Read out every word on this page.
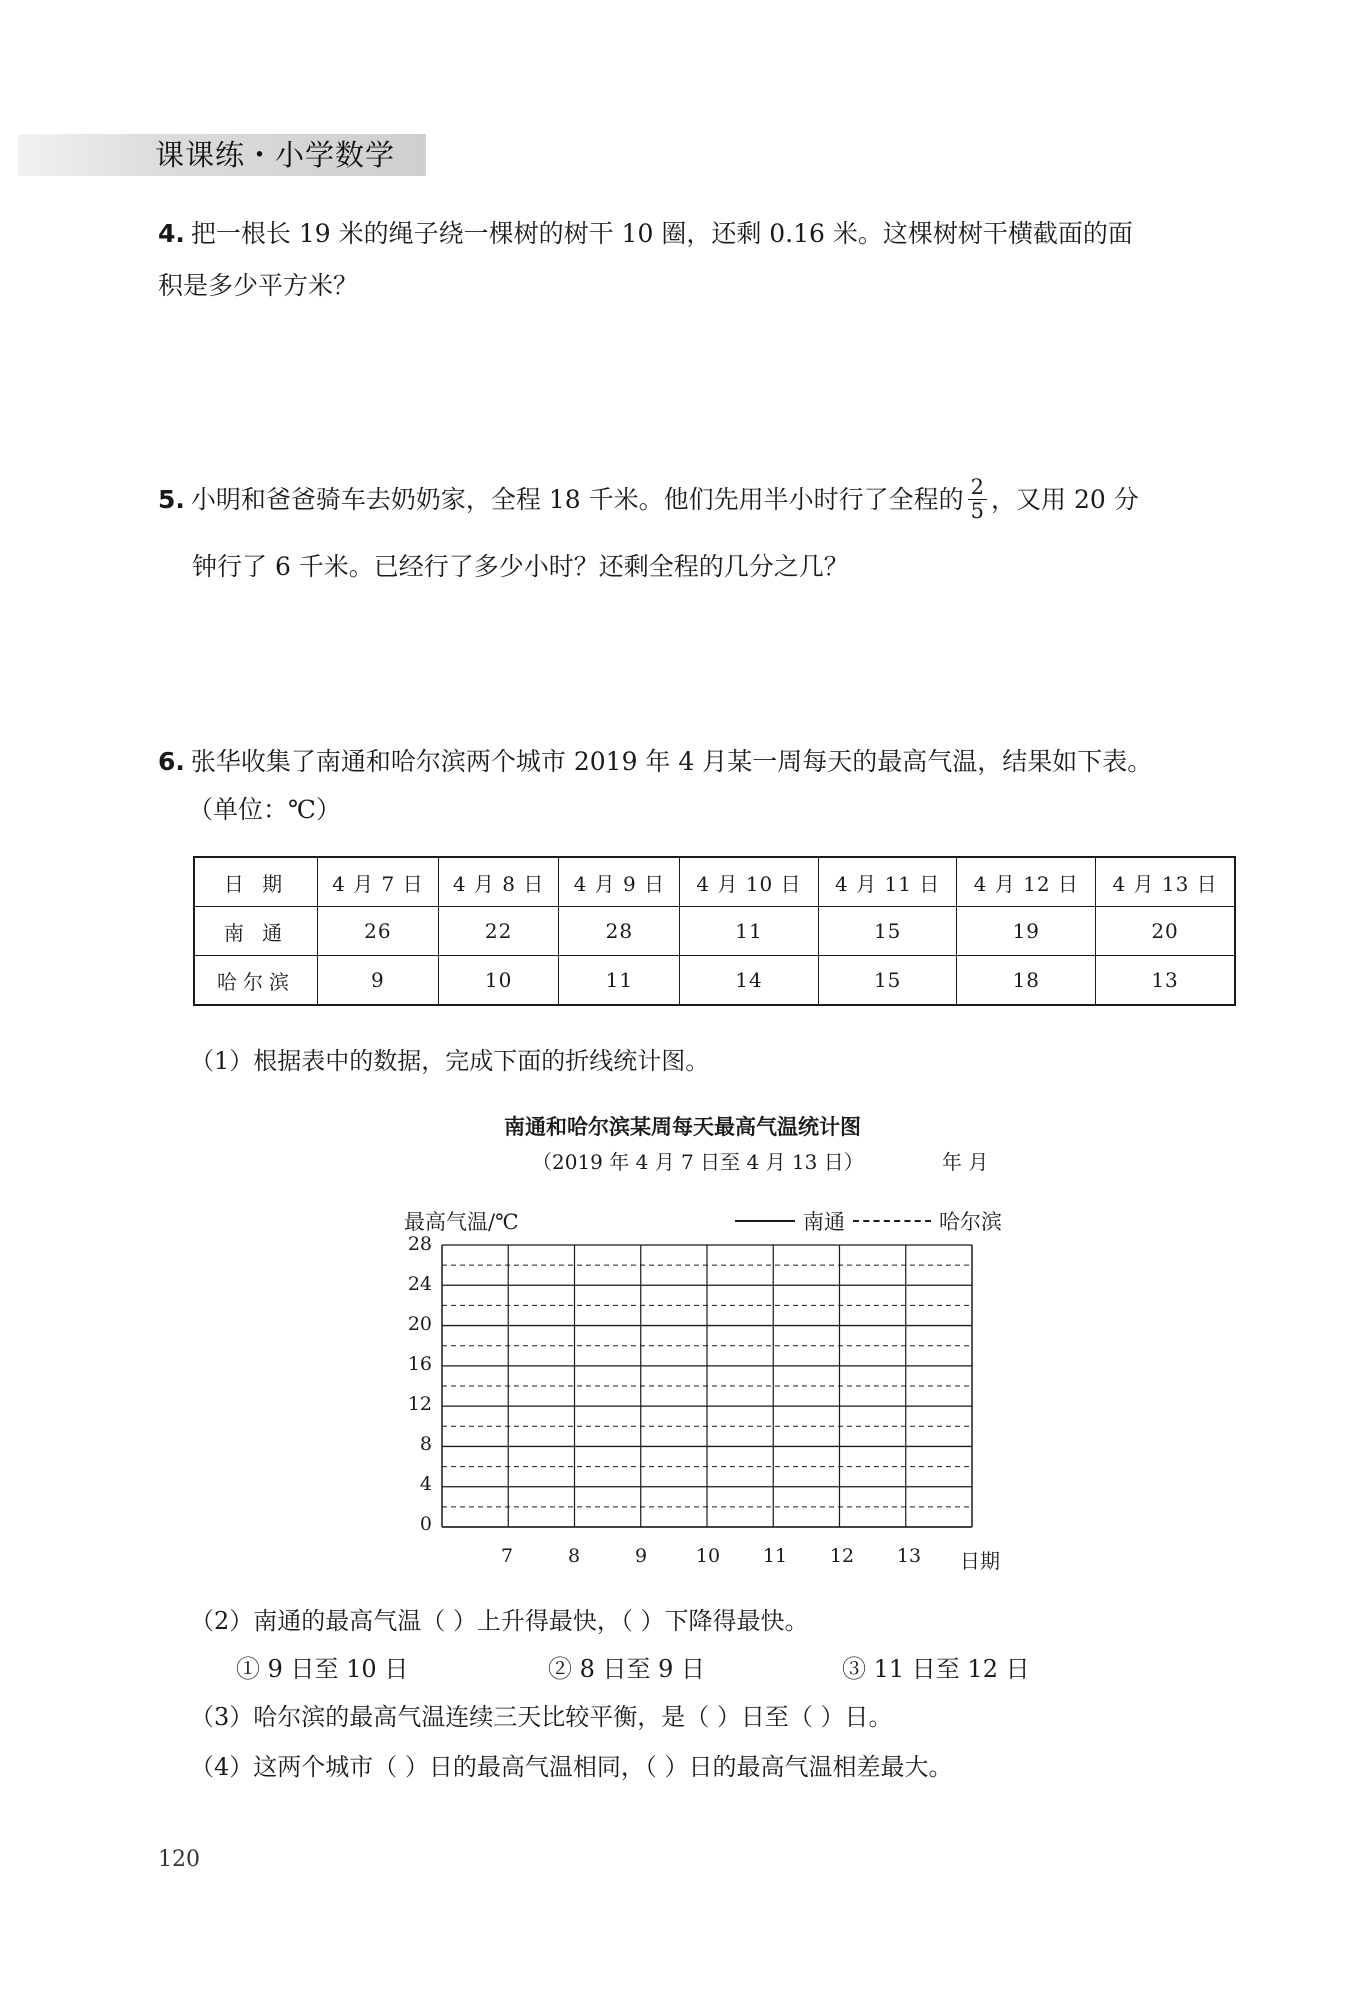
课课练・小学数学
4. 把一根长 19 米的绳子绕一棵树的树干 10 圈，还剩 0.16 米。这棵树树干横截面的面
积是多少平方米？
5. 小明和爸爸骑车去奶奶家，全程 18 千米。他们先用半小时行了全程的 $\frac{2}{5}$ ，又用 20 分
钟行了 6 千米。已经行了多少小时？还剩全程的几分之几？
6. 张华收集了南通和哈尔滨两个城市 2019 年 4 月某一周每天的最高气温，结果如下表。
（单位：℃）
日 期	4 月 7 日	4 月 8 日	4 月 9 日	4 月 10 日	4 月 11 日	4 月 12 日	4 月 13 日
南 通	26	22	28	11	15	19	20
哈尔滨	9	10	11	14	15	18	13
（1）根据表中的数据，完成下面的折线统计图。
南通和哈尔滨某周每天最高气温统计图
（2019 年 4 月 7 日至 4 月 13 日）	年 月
最高气温/℃	南通	哈尔滨
28
24
20
16
12
8
4
0
7	8	9	10	11	12	13	日期
（2）南通的最高气温（ ）上升得最快，（ ）下降得最快。
① 9 日至 10 日	② 8 日至 9 日	③ 11 日至 12 日
（3）哈尔滨的最高气温连续三天比较平衡，是（ ）日至（ ）日。
（4）这两个城市（ ）日的最高气温相同，（ ）日的最高气温相差最大。
120
